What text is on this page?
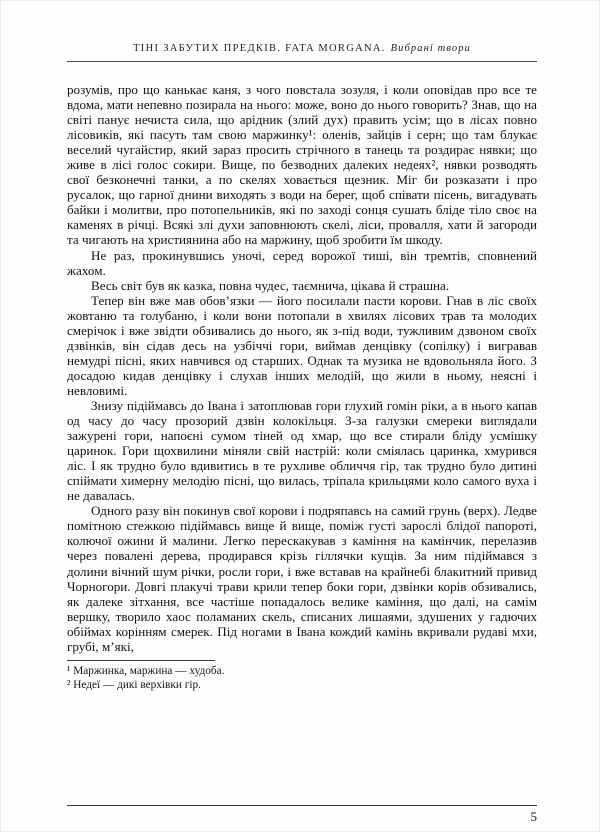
ТІНІ ЗАБУТИХ ПРЕДКІВ. FATA MORGANA. Вибрані твори

розумів, про що канькає каня, з чого повстала зозуля, і коли оповідав про все те вдома, мати непевно позирала на нього: може, воно до нього говорить? Знав, що на світі панує нечиста сила, що арідник (злий дух) править усім; що в лісах повно лісовиків, які пасуть там свою маржинку¹: оленів, зайців і серн; що там блукає веселий чугайстир, який зараз просить стрічного в танець та роздирає нявки; що живе в лісі голос сокири. Вище, по безводних далеких недеях², нявки розводять свої безконечні танки, а по скелях ховається щезник. Міг би розказати і про русалок, що гарної днини виходять з води на берег, щоб співати пісень, вигадувать байки і молитви, про потопельників, які по заході сонця сушать бліде тіло своє на каменях в річці. Всякі злі духи заповнюють скелі, ліси, провалля, хати й загороди та чигають на християнина або на маржину, щоб зробити їм шкоду.

Не раз, прокинувшись уночі, серед ворожої тиші, він тремтів, сповнений жахом.

Весь світ був як казка, повна чудес, таємнича, цікава й страшна.

Тепер він вже мав обов’язки — його посилали пасти корови. Гнав в ліс своїх жовтаню та голубаню, і коли вони потопали в хвилях лісових трав та молодих смерічок і вже звідти обзивались до нього, як з-під води, тужливим дзвоном своїх дзвінків, він сідав десь на узбіччі гори, виймав денцівку (сопілку) і вигравав немудрі пісні, яких навчився од старших. Однак та музика не вдовольняла його. З досадою кидав денцівку і слухав інших мелодій, що жили в ньому, неясні і невловимі.

Знизу підіймавсь до Івана і затоплював гори глухий гомін ріки, а в нього капав од часу до часу прозорий дзвін колокільця. З-за галузки смереки виглядали зажурені гори, напоєні сумом тіней од хмар, що все стирали бліду усмішку царинок. Гори щохвилини міняли свій настрій: коли сміялась царинка, хмурився ліс. І як трудно було вдивитись в те рухливе обличчя гір, так трудно було дитині спіймати химерну мелодію пісні, що вилась, тріпала крильцями коло самого вуха і не давалась.

Одного разу він покинув свої корови і подряпавсь на самий грунь (верх). Ледве помітною стежкою підіймавсь вище й вище, поміж густі зарослі блідої папороті, колючої ожини й малини. Легко перескакував з каміння на камінчик, перелазив через повалені дерева, продирався крізь гіллячки кущів. За ним підіймався з долини вічний шум річки, росли гори, і вже вставав на крайнебі блакитний привид Чорногори. Довгі плакучі трави крили тепер боки гори, дзвінки корів обзивались, як далеке зітхання, все частіше попадалось велике каміння, що далі, на самім вершку, творило хаос поламаних скель, списаних лишаями, здушених у гадючих обіймах корінням смерек. Під ногами в Івана кождий камінь вкривали рудаві мхи, грубі, м’які,

¹ Маржинка, маржина — худоба.

² Недеї — дикі верхівки гір.

5
